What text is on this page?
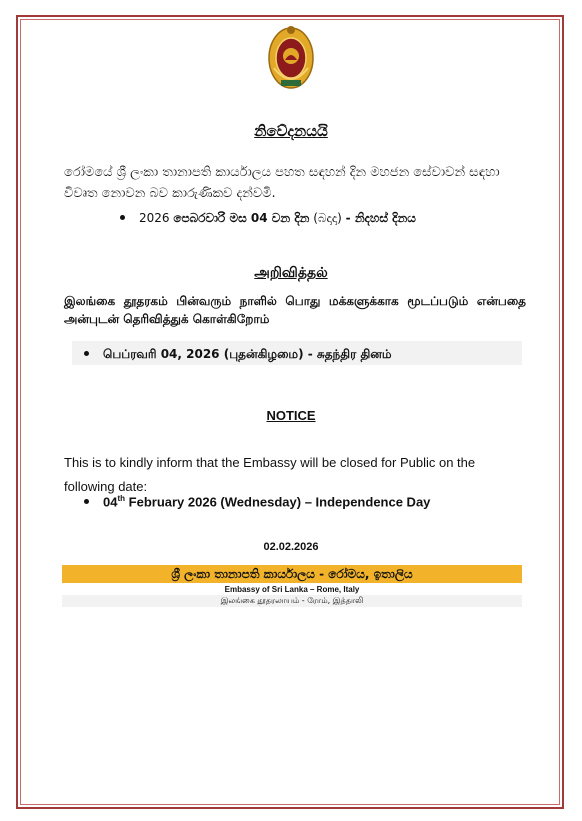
නිවේදනයයි
රෝමයේ ශ්‍රී ලංකා තානාපති කාර්යාලය පහත සඳහන් දින මහජන සේවාවන් සඳහා විවෘත නොවන බව කාරුණිකව දන්වමි.
2026 පෙබරවාරි මස 04 වන දින (බදාදා) - නිදහස් දිනය
அறிவித்தல்
இலங்கை தூதரகம் பின்வரும் நாளில் பொது மக்களுக்காக மூடப்படும் என்பதை அன்புடன் தெரிவித்துக் கொள்கிறோம்
பெப்ரவரி 04, 2026 (புதன்கிழமை) - சுதந்திர தினம்
NOTICE
This is to kindly inform that the Embassy will be closed for Public on the following date:
04th February 2026 (Wednesday) – Independence Day
02.02.2026
ශ්‍රී ලංකා තානාපති කාර්යාලය - රෝමය, ඉතාලිය
Embassy of Sri Lanka – Rome, Italy
இலங்கை தூதரலாயம் - ரோம், இத்தாலி
